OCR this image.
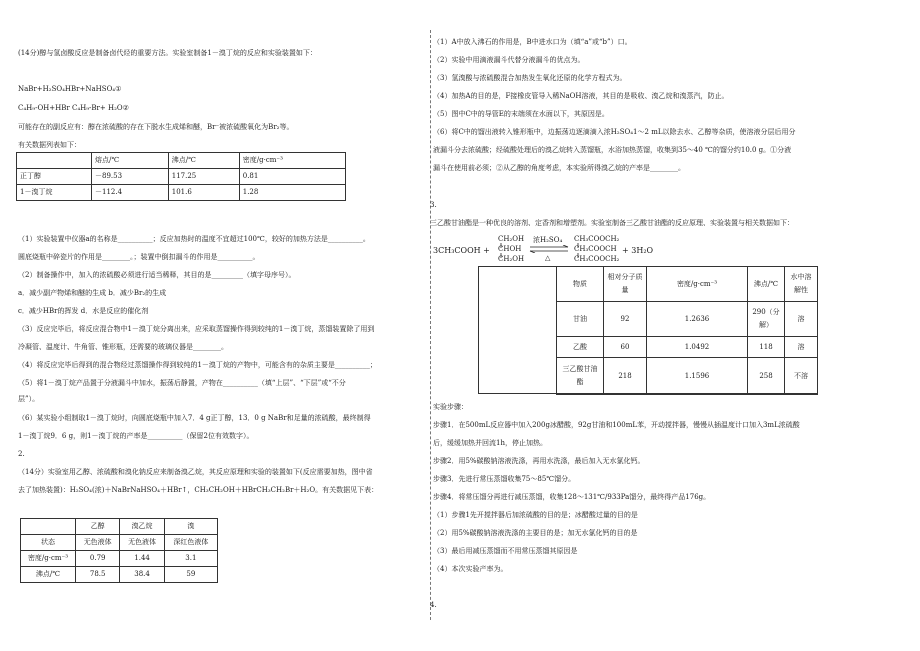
(14分)醇与氢卤酸反应是制备卤代烃的重要方法。实验室制备1－溴丁烷的反应和实验装置如下：
NaBr+H₂SO₄HBr+NaHSO₄①
C₄H₉-OH+HBr C₄H₉-Br+ H₂O②
可能存在的副反应有：醇在浓硫酸的存在下脱水生成烯和醚，Br⁻被浓硫酸氧化为Br₂等。
有关数据列表如下：
	熔点/℃	沸点/℃	密度/g·cm⁻³
正丁醇	－89.53	117.25	0.81
1－溴丁烷	－112.4	101.6	1.28
（1）实验装置中仪器a的名称是__________；反应加热时的温度不宜超过100℃，较好的加热方法是__________。
圆底烧瓶中碎瓷片的作用是________。；装置中倒扣漏斗的作用是__________。
（2）制备操作中，加入的浓硫酸必须进行适当稀释，其目的是_________（填字母序号）。
a．减少副产物烯和醚的生成 b．减少Br₂的生成
c．减少HBr的挥发 d．水是反应的催化剂
（3）反应完毕后，将反应混合物中1－溴丁烷分离出来，应采取蒸馏操作得到较纯的1－溴丁烷，蒸馏装置除了用到
冷凝管、温度计、牛角管、锥形瓶，还需要的玻璃仪器是________。
（4）将反应完毕后得到的混合物经过蒸馏操作得到较纯的1－溴丁烷的产物中，可能含有的杂质主要是__________；
（5）将1－溴丁烷产品置于分液漏斗中加水，振荡后静置，产物在__________（填“上层”、“下层”或“不分
层”）。
（6）某实验小组制取1－溴丁烷时，向圆底烧瓶中加入7．4 g正丁醇，13．0 g NaBr和足量的浓硫酸，最终制得
1－溴丁烷9．6 g，则1－溴丁烷的产率是__________（保留2位有效数字）。
2.
（14分）实验室用乙醇、浓硫酸和溴化钠反应来制备溴乙烷，其反应原理和实验的装置如下(反应需要加热，图中省
去了加热装置)：H₂SO₄(浓)＋NaBrNaHSO₄＋HBr↑，CH₃CH₂OH＋HBrCH₃CH₂Br＋H₂O。有关数据见下表：
	乙醇	溴乙烷	溴
状态	无色液体	无色液体	深红色液体
密度/g·cm⁻³	0.79	1.44	3.1
沸点/℃	78.5	38.4	59
（1）A中放入沸石的作用是，B中进水口为（填“a”或“b”）口。
（2）实验中用滴液漏斗代替分液漏斗的优点为。
（3）氢溴酸与浓硫酸混合加热发生氧化还原的化学方程式为。
（4）加热A的目的是，F接橡皮管导入稀NaOH溶液，其目的是吸收、溴乙烷和溴蒸汽，防止。
（5）图中C中的导管E的末端须在水面以下，其原因是。
（6）将C中的馏出液转入锥形瓶中，边振荡边逐滴滴入浓H₂SO₄1～2 mL以除去水、乙醇等杂质，使溶液分层后用分
液漏斗分去浓硫酸；经硫酸处理后的溴乙烷转入蒸馏瓶，水浴加热蒸馏，收集到35～40 ℃的馏分约10.0 g。①分液
漏斗在使用前必须；②从乙醇的角度考虑，本实验所得溴乙烷的产率是________。
3.
三乙酸甘油酯是一种优良的溶剂、定香剂和增塑剂。实验室制备三乙酸甘油酯的反应原理、实验装置与相关数据如下：
3CH₃COOH +
CH₂OH
CHOH
CH₂OH
浓H₂SO₄
△
CH₃COOCH₂
CH₃COOCH
CH₃COOCH₂
+ 3H₂O
物质	相对分子质量	密度/g·cm⁻³	沸点/℃	水中溶解性
甘油	92	1.2636	290（分解）	溶
乙酸	60	1.0492	118	溶
三乙酸甘油酯	218	1.1596	258	不溶
实验步骤：
步骤1．在500mL反应器中加入200g冰醋酸，92g甘油和100mL苯，开动搅拌器，慢慢从插温度计口加入3mL浓硫酸
后，缓缓加热并回流1h，停止加热。
步骤2．用5%碳酸钠溶液洗涤，再用水洗涤，最后加入无水氯化钙。
步骤3．先进行常压蒸馏收集75～85℃馏分。
步骤4．将常压馏分再进行减压蒸馏，收集128～131℃/933Pa馏分，最终得产品176g。
（1）步骤1先开搅拌器后加浓硫酸的目的是；冰醋酸过量的目的是
（2）用5%碳酸钠溶液洗涤的主要目的是；加无水氯化钙的目的是
（3）最后用减压蒸馏而不用常压蒸馏其原因是
（4）本次实验产率为。
4.
